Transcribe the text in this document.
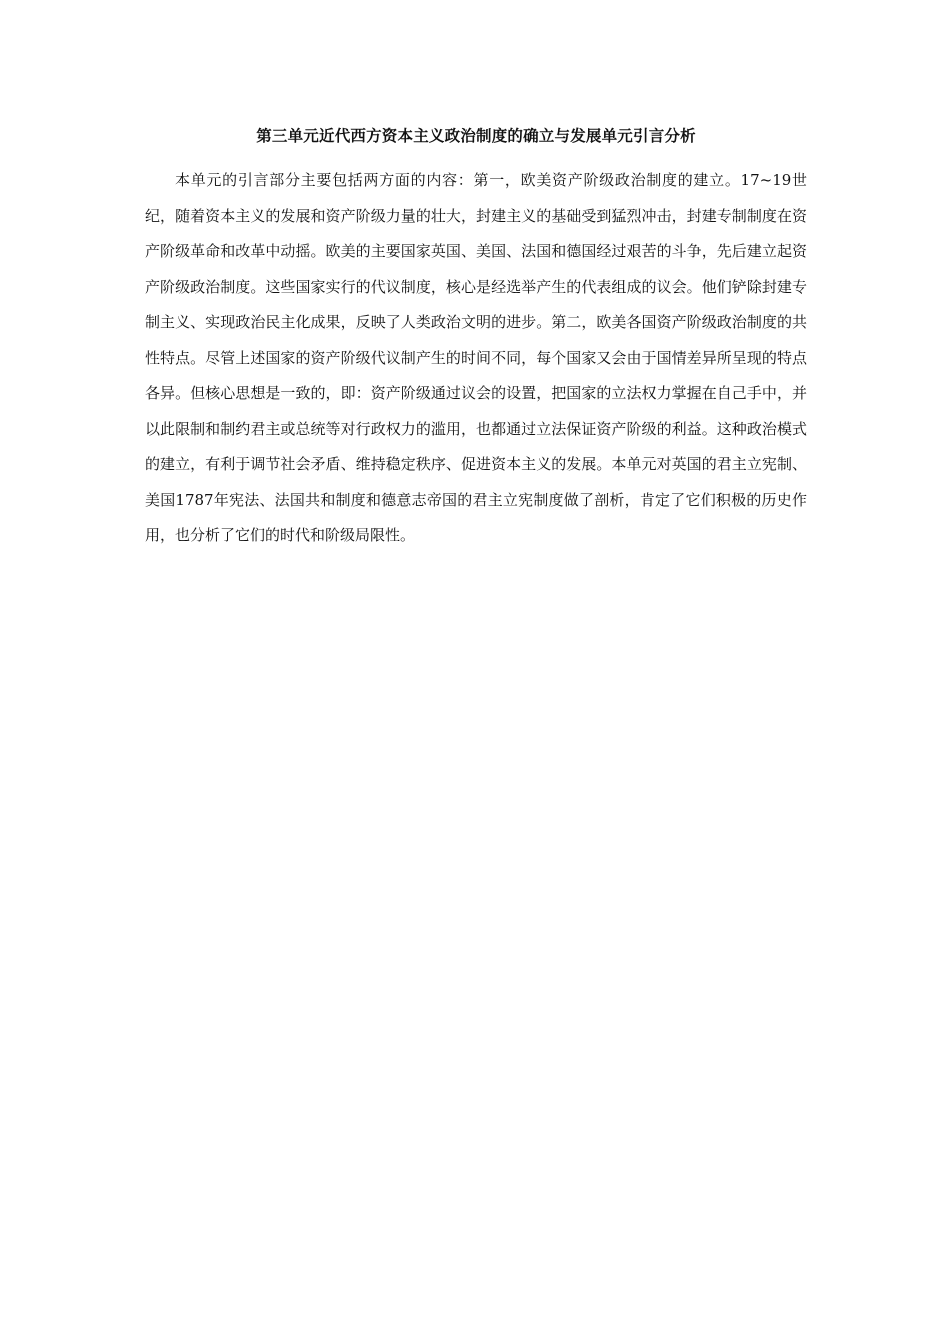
第三单元近代西方资本主义政治制度的确立与发展单元引言分析

本单元的引言部分主要包括两方面的内容：第一，欧美资产阶级政治制度的建立。17~19世纪，随着资本主义的发展和资产阶级力量的壮大，封建主义的基础受到猛烈冲击，封建专制制度在资产阶级革命和改革中动摇。欧美的主要国家英国、美国、法国和德国经过艰苦的斗争，先后建立起资产阶级政治制度。这些国家实行的代议制度，核心是经选举产生的代表组成的议会。他们铲除封建专制主义、实现政治民主化成果，反映了人类政治文明的进步。第二，欧美各国资产阶级政治制度的共性特点。尽管上述国家的资产阶级代议制产生的时间不同，每个国家又会由于国情差异所呈现的特点各异。但核心思想是一致的，即：资产阶级通过议会的设置，把国家的立法权力掌握在自己手中，并以此限制和制约君主或总统等对行政权力的滥用，也都通过立法保证资产阶级的利益。这种政治模式的建立，有利于调节社会矛盾、维持稳定秩序、促进资本主义的发展。本单元对英国的君主立宪制、美国1787年宪法、法国共和制度和德意志帝国的君主立宪制度做了剖析，肯定了它们积极的历史作用，也分析了它们的时代和阶级局限性。
